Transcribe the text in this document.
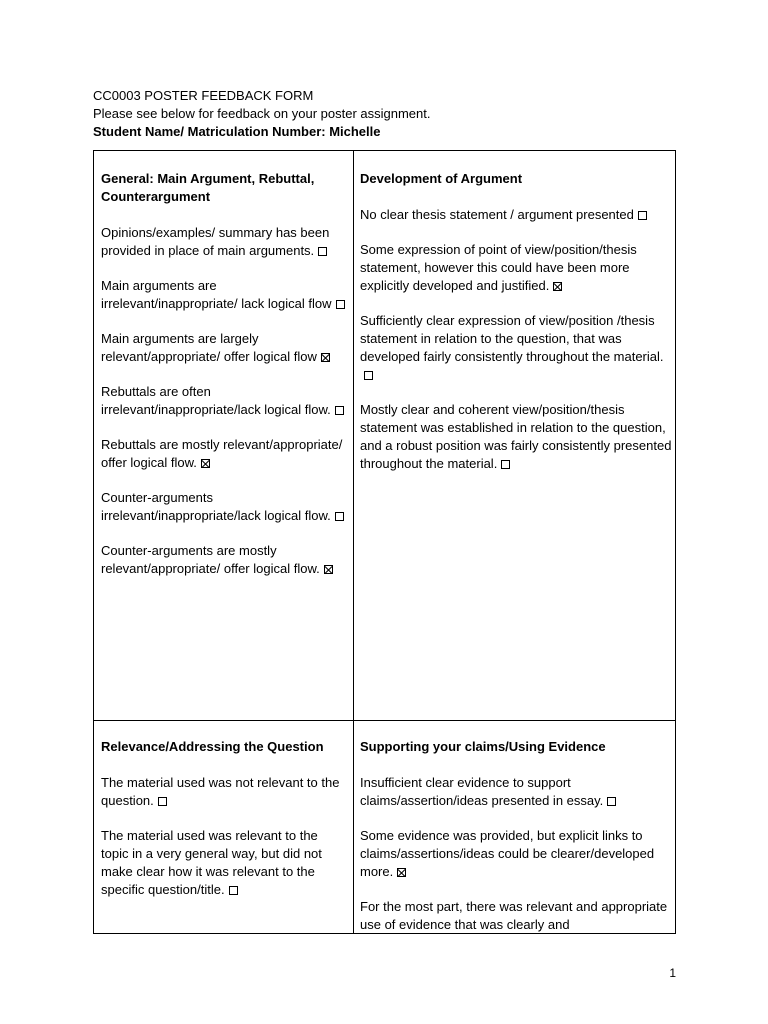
CC0003 POSTER FEEDBACK FORM
Please see below for feedback on your poster assignment.
Student Name/ Matriculation Number: Michelle
General: Main Argument, Rebuttal, Counterargument
Opinions/examples/ summary has been provided in place of main arguments.
Main arguments are irrelevant/inappropriate/ lack logical flow
Main arguments are largely relevant/appropriate/ offer logical flow
Rebuttals are often irrelevant/inappropriate/lack logical flow.
Rebuttals are mostly relevant/appropriate/ offer logical flow.
Counter-arguments irrelevant/inappropriate/lack logical flow.
Counter-arguments are mostly relevant/appropriate/ offer logical flow.
Development of Argument
No clear thesis statement / argument presented
Some expression of point of view/position/thesis statement, however this could have been more explicitly developed and justified.
Sufficiently clear expression of view/position /thesis statement in relation to the question, that was developed fairly consistently throughout the material.
Mostly clear and coherent view/position/thesis statement was established in relation to the question, and a robust position was fairly consistently presented throughout the material.
Relevance/Addressing the Question
The material used was not relevant to the question.
The material used was relevant to the topic in a very general way, but did not make clear how it was relevant to the specific question/title.
Supporting your claims/Using Evidence
Insufficient clear evidence to support claims/assertion/ideas presented in essay.
Some evidence was provided, but explicit links to claims/assertions/ideas could be clearer/developed more.
For the most part, there was relevant and appropriate use of evidence that was clearly and
1
